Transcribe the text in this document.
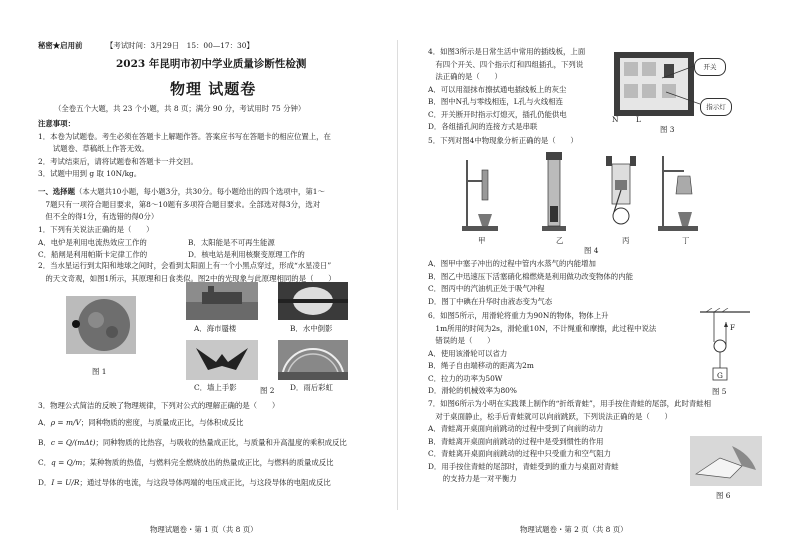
秘密★启用前	【考试时间：3月29日　15：00—17：30】
2023 年昆明市初中学业质量诊断性检测
物理 试题卷
（全卷五个大题，共 23 个小题，共 8 页；满分 90 分，考试用时 75 分钟）
注意事项：
1．本卷为试题卷。考生必须在答题卡上解题作答。答案应书写在答题卡的相应位置上，在
　　试题卷、草稿纸上作答无效。
2．考试结束后，请将试题卷和答题卡一并交回。
3．试题中用到 g 取 10N/kg。
一、选择题（本大题共10小题，每小题3分，共30分。每小题给出的四个选项中，第1～
　7题只有一项符合题目要求，第8～10题有多项符合题目要求。全部选对得3分，选对
　但不全的得1分，有选错的得0分）
1．下列有关说法正确的是（　　）
A．电炉是利用电流热效应工作的	B．太阳能是不可再生能源
C．船闸是利用帕斯卡定律工作的	D．核电站是利用核聚变原理工作的
2．当水星运行到太阳和地球之间时，会看到太阳面上有一个小黑点穿过，形成“水星凌日”
　的天文奇观，如图1所示，其原理和日食类似。图2中的光现象与此原理相同的是（　　）
图 1
A．海市蜃楼	B．水中倒影
C．墙上手影	D．雨后彩虹
图 2
3．物理公式简洁的反映了物理规律，下列对公式的理解正确的是（　　）
A．ρ = m/V；同种物质的密度，与质量成正比，与体积成反比
B．c = Q/(mΔt)；同种物质的比热容，与吸收的热量成正比，与质量和升高温度的乘积成反比
C．q = Q/m；某种物质的热值，与燃料完全燃烧放出的热量成正比，与燃料的质量成反比
D．I = U/R；通过导体的电流，与这段导体两端的电压成正比，与这段导体的电阻成反比
物理试题卷・第 1 页（共 8 页）
4．如图3所示是日常生活中常用的插线板，上面
　有四个开关、四个指示灯和四组插孔，下列说
　法正确的是（　　）
A．可以用湿抹布擦拭通电插线板上的灰尘
B．图中N孔与零线相连，L孔与火线相连
C．开关断开时指示灯熄灭，插孔仍能供电
D．各组插孔间的连接方式是串联
开关
指示灯
N L
图 3
5．下列对图4中物现象分析正确的是（　　）
甲	乙	丙	丁
图 4
A．图甲中塞子冲出的过程中管内水蒸气的内能增加
B．图乙中迅速压下活塞硝化棉燃烧是利用做功改变物体的内能
C．图丙中的汽油机正处于吸气冲程
D．图丁中碘在升华时由液态变为气态
6．如图5所示，用滑轮将重力为90N的物体，物体上升
　1m所用的时间为2s，滑轮重10N，不计绳重和摩擦，此过程中说法
　错误的是（　　）
A．使用该滑轮可以省力
B．绳子自由端移动的距离为2m
C．拉力的功率为50W
D．滑轮的机械效率为80%
F
G
图 5
7．如图6所示为小明在实践课上制作的“折纸青蛙”，用手按住青蛙的尾部，此时青蛙相
　对于桌面静止，松手后青蛙就可以向前跳跃，下列说法正确的是（　　）
A．青蛙离开桌面向前跳动的过程中受到了向前的动力
B．青蛙离开桌面向前跳动的过程中是受到惯性的作用
C．青蛙离开桌面向前跳动的过程中只受重力和空气阻力
D．用手按住青蛙的尾部时，青蛙受到的重力与桌面对青蛙
　　的支持力是一对平衡力
图 6
物理试题卷・第 2 页（共 8 页）
